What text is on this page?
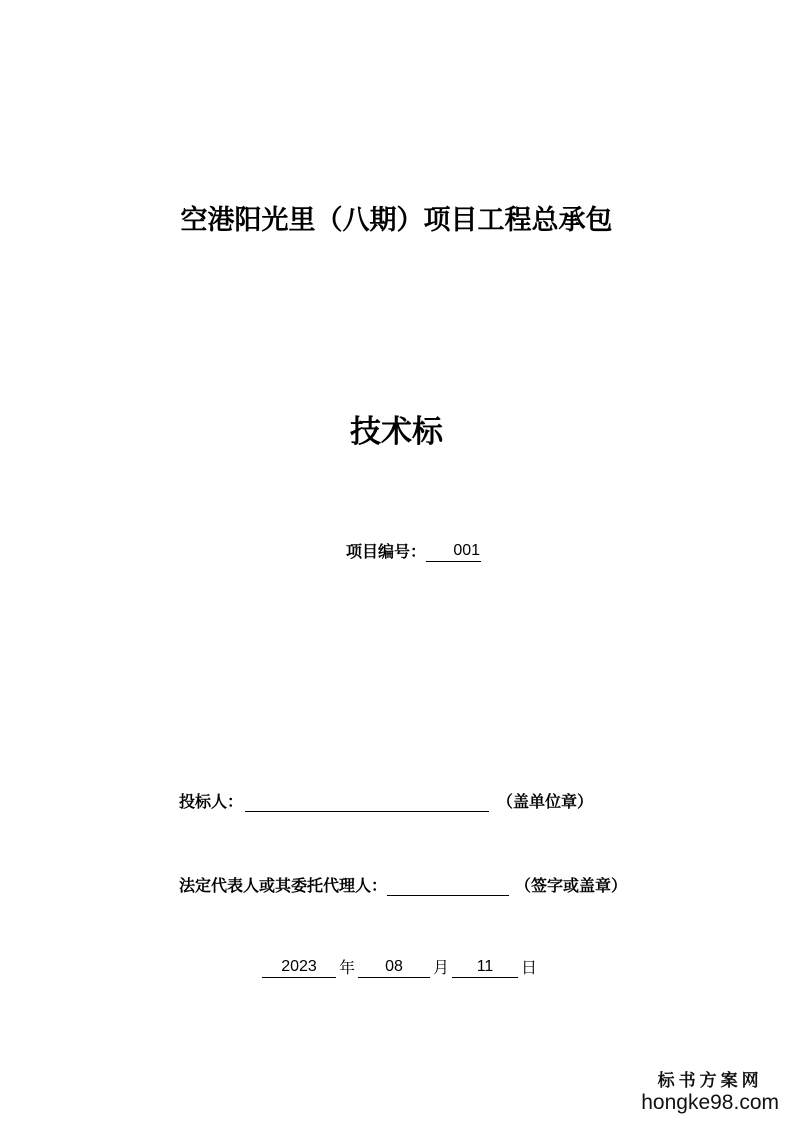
空港阳光里（八期）项目工程总承包
技术标
项目编号：	001
投标人：	（盖单位章）
法定代表人或其委托代理人：	（签字或盖章）
2023	年	08	月	11	日
标书方案网
hongke98.com
